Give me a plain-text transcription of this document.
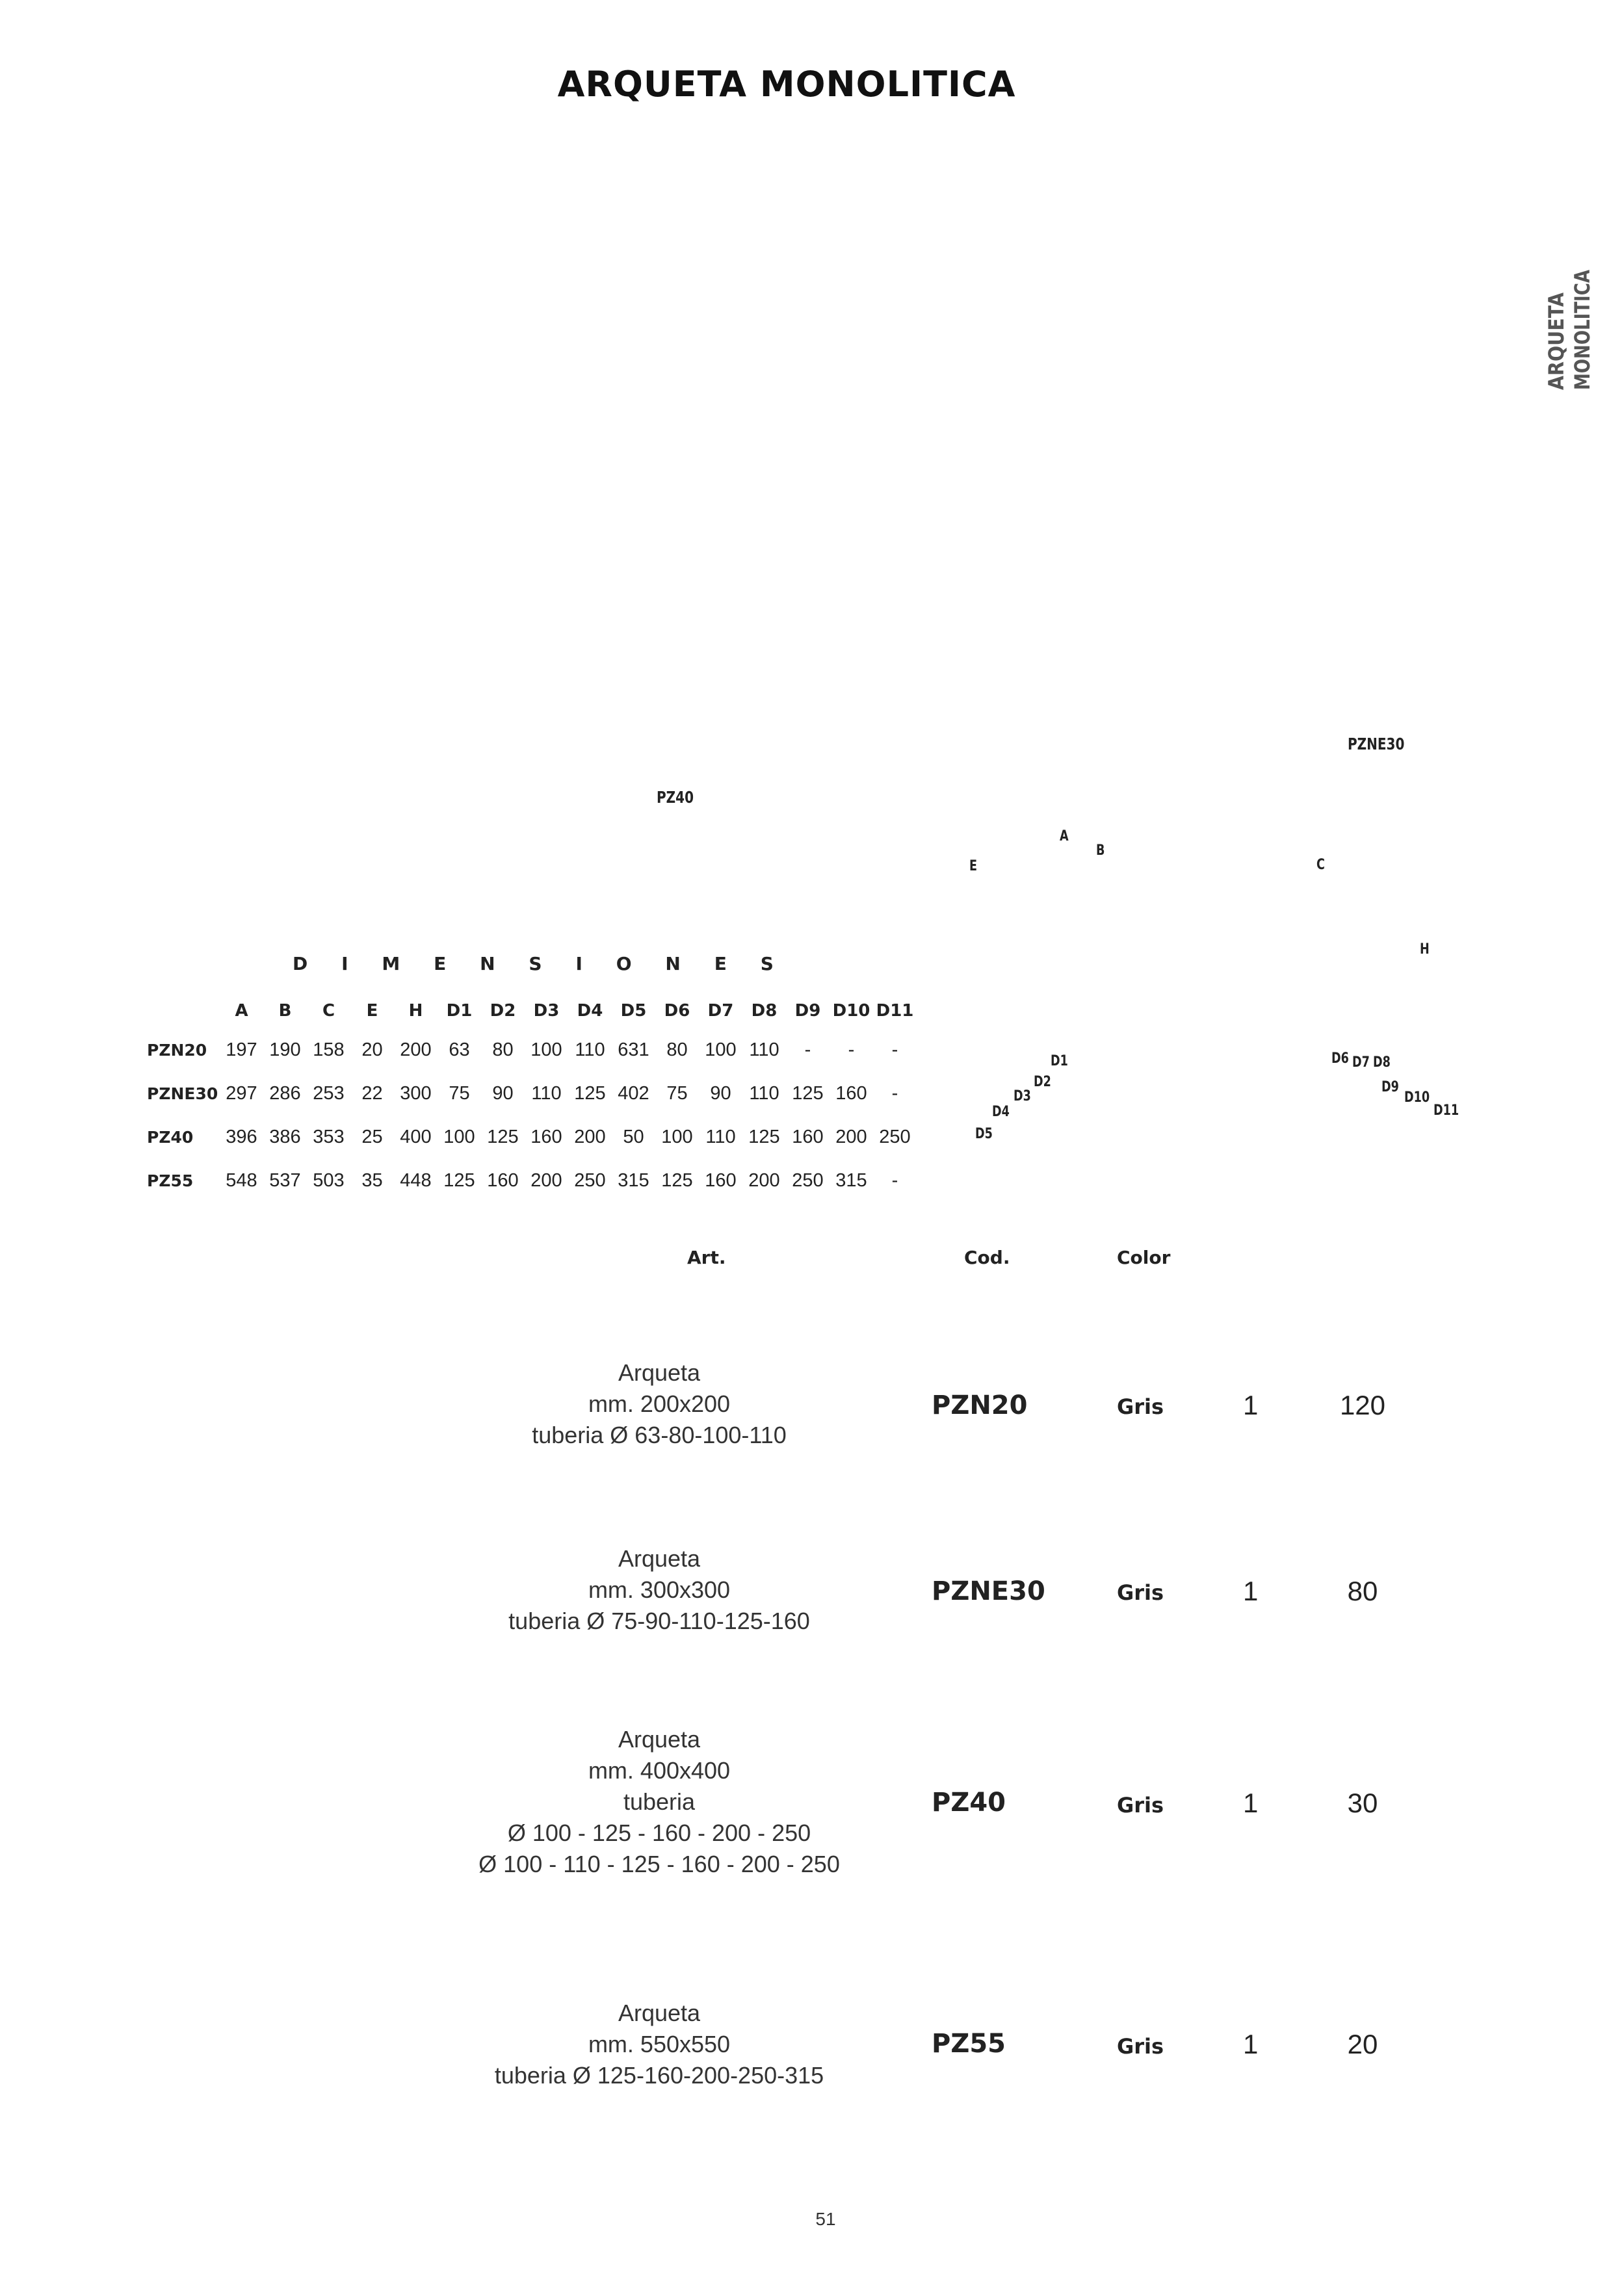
ARQUETA MONOLITICA
ARQUETA MONOLITICA
PZNE30
PZ40
A
B
E	C
H
D1
D2
D3
D4
D5
D6 D7 D8
D9
D10
D11
D I M E N S I O N E S
	A	B	C	E	H	D1	D2	D3	D4	D5	D6	D7	D8	D9	D10	D11
PZN20	197	190	158	20	200	63	80	100	110	631	80	100	110	-	-	-
PZNE30	297	286	253	22	300	75	90	110	125	402	75	90	110	125	160	-
PZ40	396	386	353	25	400	100	125	160	200	50	100	110	125	160	200	250
PZ55	548	537	503	35	448	125	160	200	250	315	125	160	200	250	315	-
Art.	Cod.	Color
Arqueta
mm. 200x200
tuberia Ø 63-80-100-110
PZN20	Gris	1	120
Arqueta
mm. 300x300
tuberia Ø 75-90-110-125-160
PZNE30	Gris	1	80
Arqueta
mm. 400x400
tuberia
Ø 100 - 125 - 160 - 200 - 250
Ø 100 - 110 - 125 - 160 - 200 - 250
PZ40	Gris	1	30
Arqueta
mm. 550x550
tuberia Ø 125-160-200-250-315
PZ55	Gris	1	20
51
